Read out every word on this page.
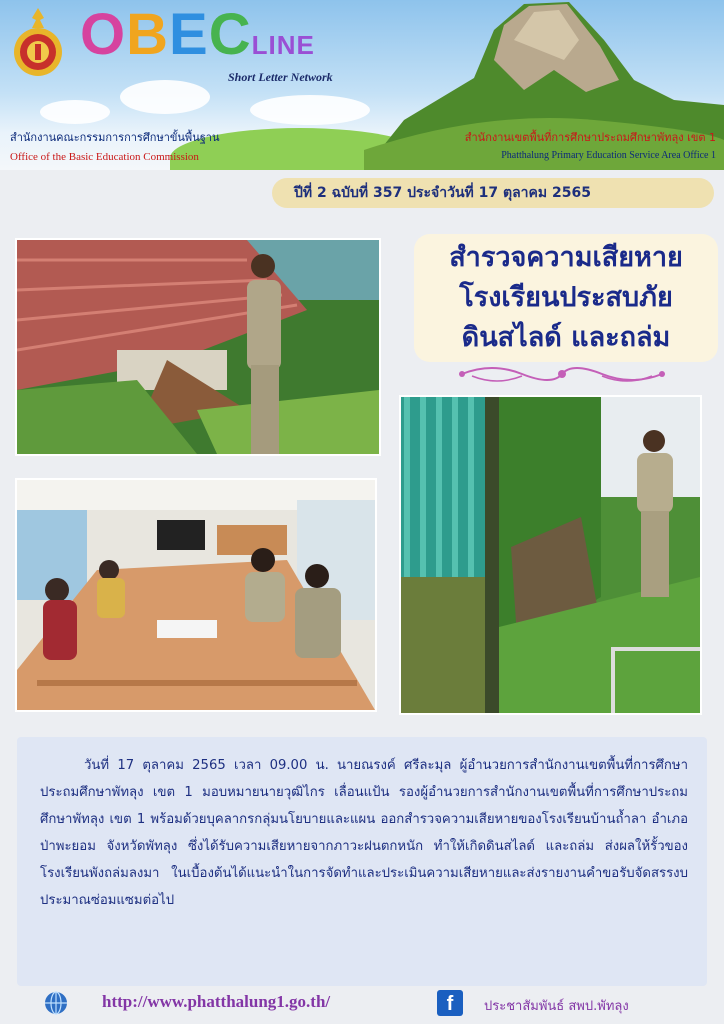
OBECLINE
Short Letter Network
สำนักงานคณะกรรมการการศึกษาขั้นพื้นฐาน
Office of the Basic Education Commission
สำนักงานเขตพื้นที่การศึกษาประถมศึกษาพัทลุง เขต 1
Phatthalung Primary Education Service Area Office 1
ปีที่ 2 ฉบับที่ 357 ประจำวันที่ 17 ตุลาคม 2565
สำรวจความเสียหาย
โรงเรียนประสบภัย
ดินสไลด์ และถล่ม

วันที่ 17 ตุลาคม 2565 เวลา 09.00 น. นายณรงค์ ศรีละมุล ผู้อำนวยการสำนักงานเขตพื้นที่การศึกษาประถมศึกษาพัทลุง เขต 1 มอบหมายนายวุฒิไกร เลื่อนแป้น รองผู้อำนวยการสำนักงานเขตพื้นที่การศึกษาประถมศึกษาพัทลุง เขต 1 พร้อมด้วยบุคลากรกลุ่มนโยบายและแผน ออกสำรวจความเสียหายของโรงเรียนบ้านถ้ำลา อำเภอป่าพะยอม จังหวัดพัทลุง ซึ่งได้รับความเสียหายจากภาวะฝนตกหนัก ทำให้เกิดดินสไลด์ และถล่ม ส่งผลให้รั้วของโรงเรียนพังถล่มลงมา ในเบื้องต้นได้แนะนำในการจัดทำและประเมินความเสียหายและส่งรายงานคำขอรับจัดสรรงบประมาณซ่อมแซมต่อไป

http://www.phatthalung1.go.th/	f	ประชาสัมพันธ์ สพป.พัทลุง
